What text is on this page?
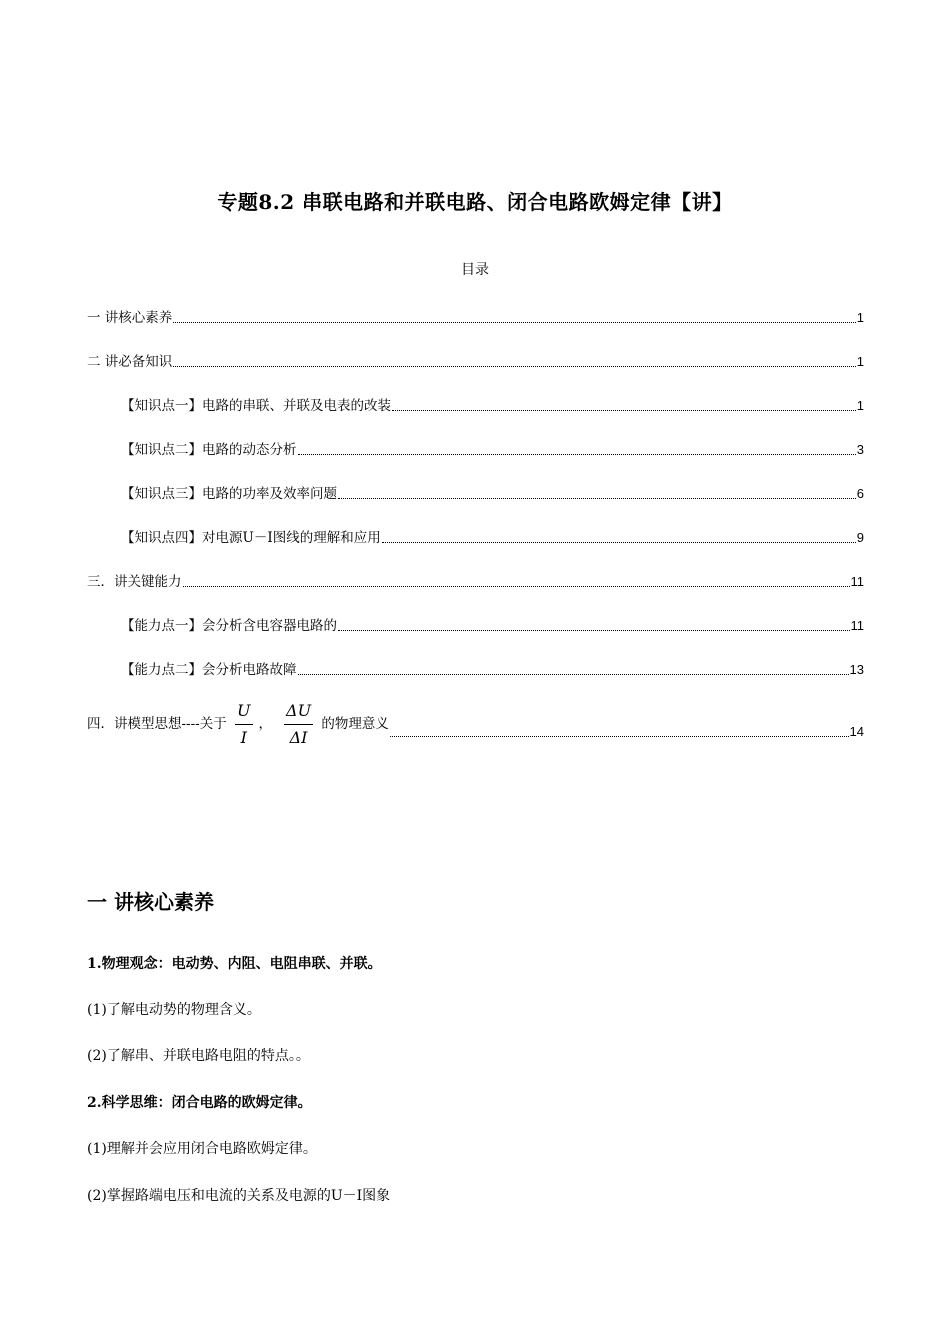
专题8.2 串联电路和并联电路、闭合电路欧姆定律【讲】
目录
一 讲核心素养	1
二 讲必备知识	1
【知识点一】电路的串联、并联及电表的改装	1
【知识点二】电路的动态分析	3
【知识点三】电路的功率及效率问题	6
【知识点四】对电源U－I图线的理解和应用	9
三．讲关键能力	11
【能力点一】会分析含电容器电路的	11
【能力点二】会分析电路故障	13
四．讲模型思想----关于 $\frac{U}{I}$ ， $\frac{\Delta U}{\Delta I}$ 的物理意义	14
一 讲核心素养
1.物理观念：电动势、内阻、电阻串联、并联。
(1)了解电动势的物理含义。
(2)了解串、并联电路电阻的特点。。
2.科学思维：闭合电路的欧姆定律。
(1)理解并会应用闭合电路欧姆定律。
(2)掌握路端电压和电流的关系及电源的U－I图象
